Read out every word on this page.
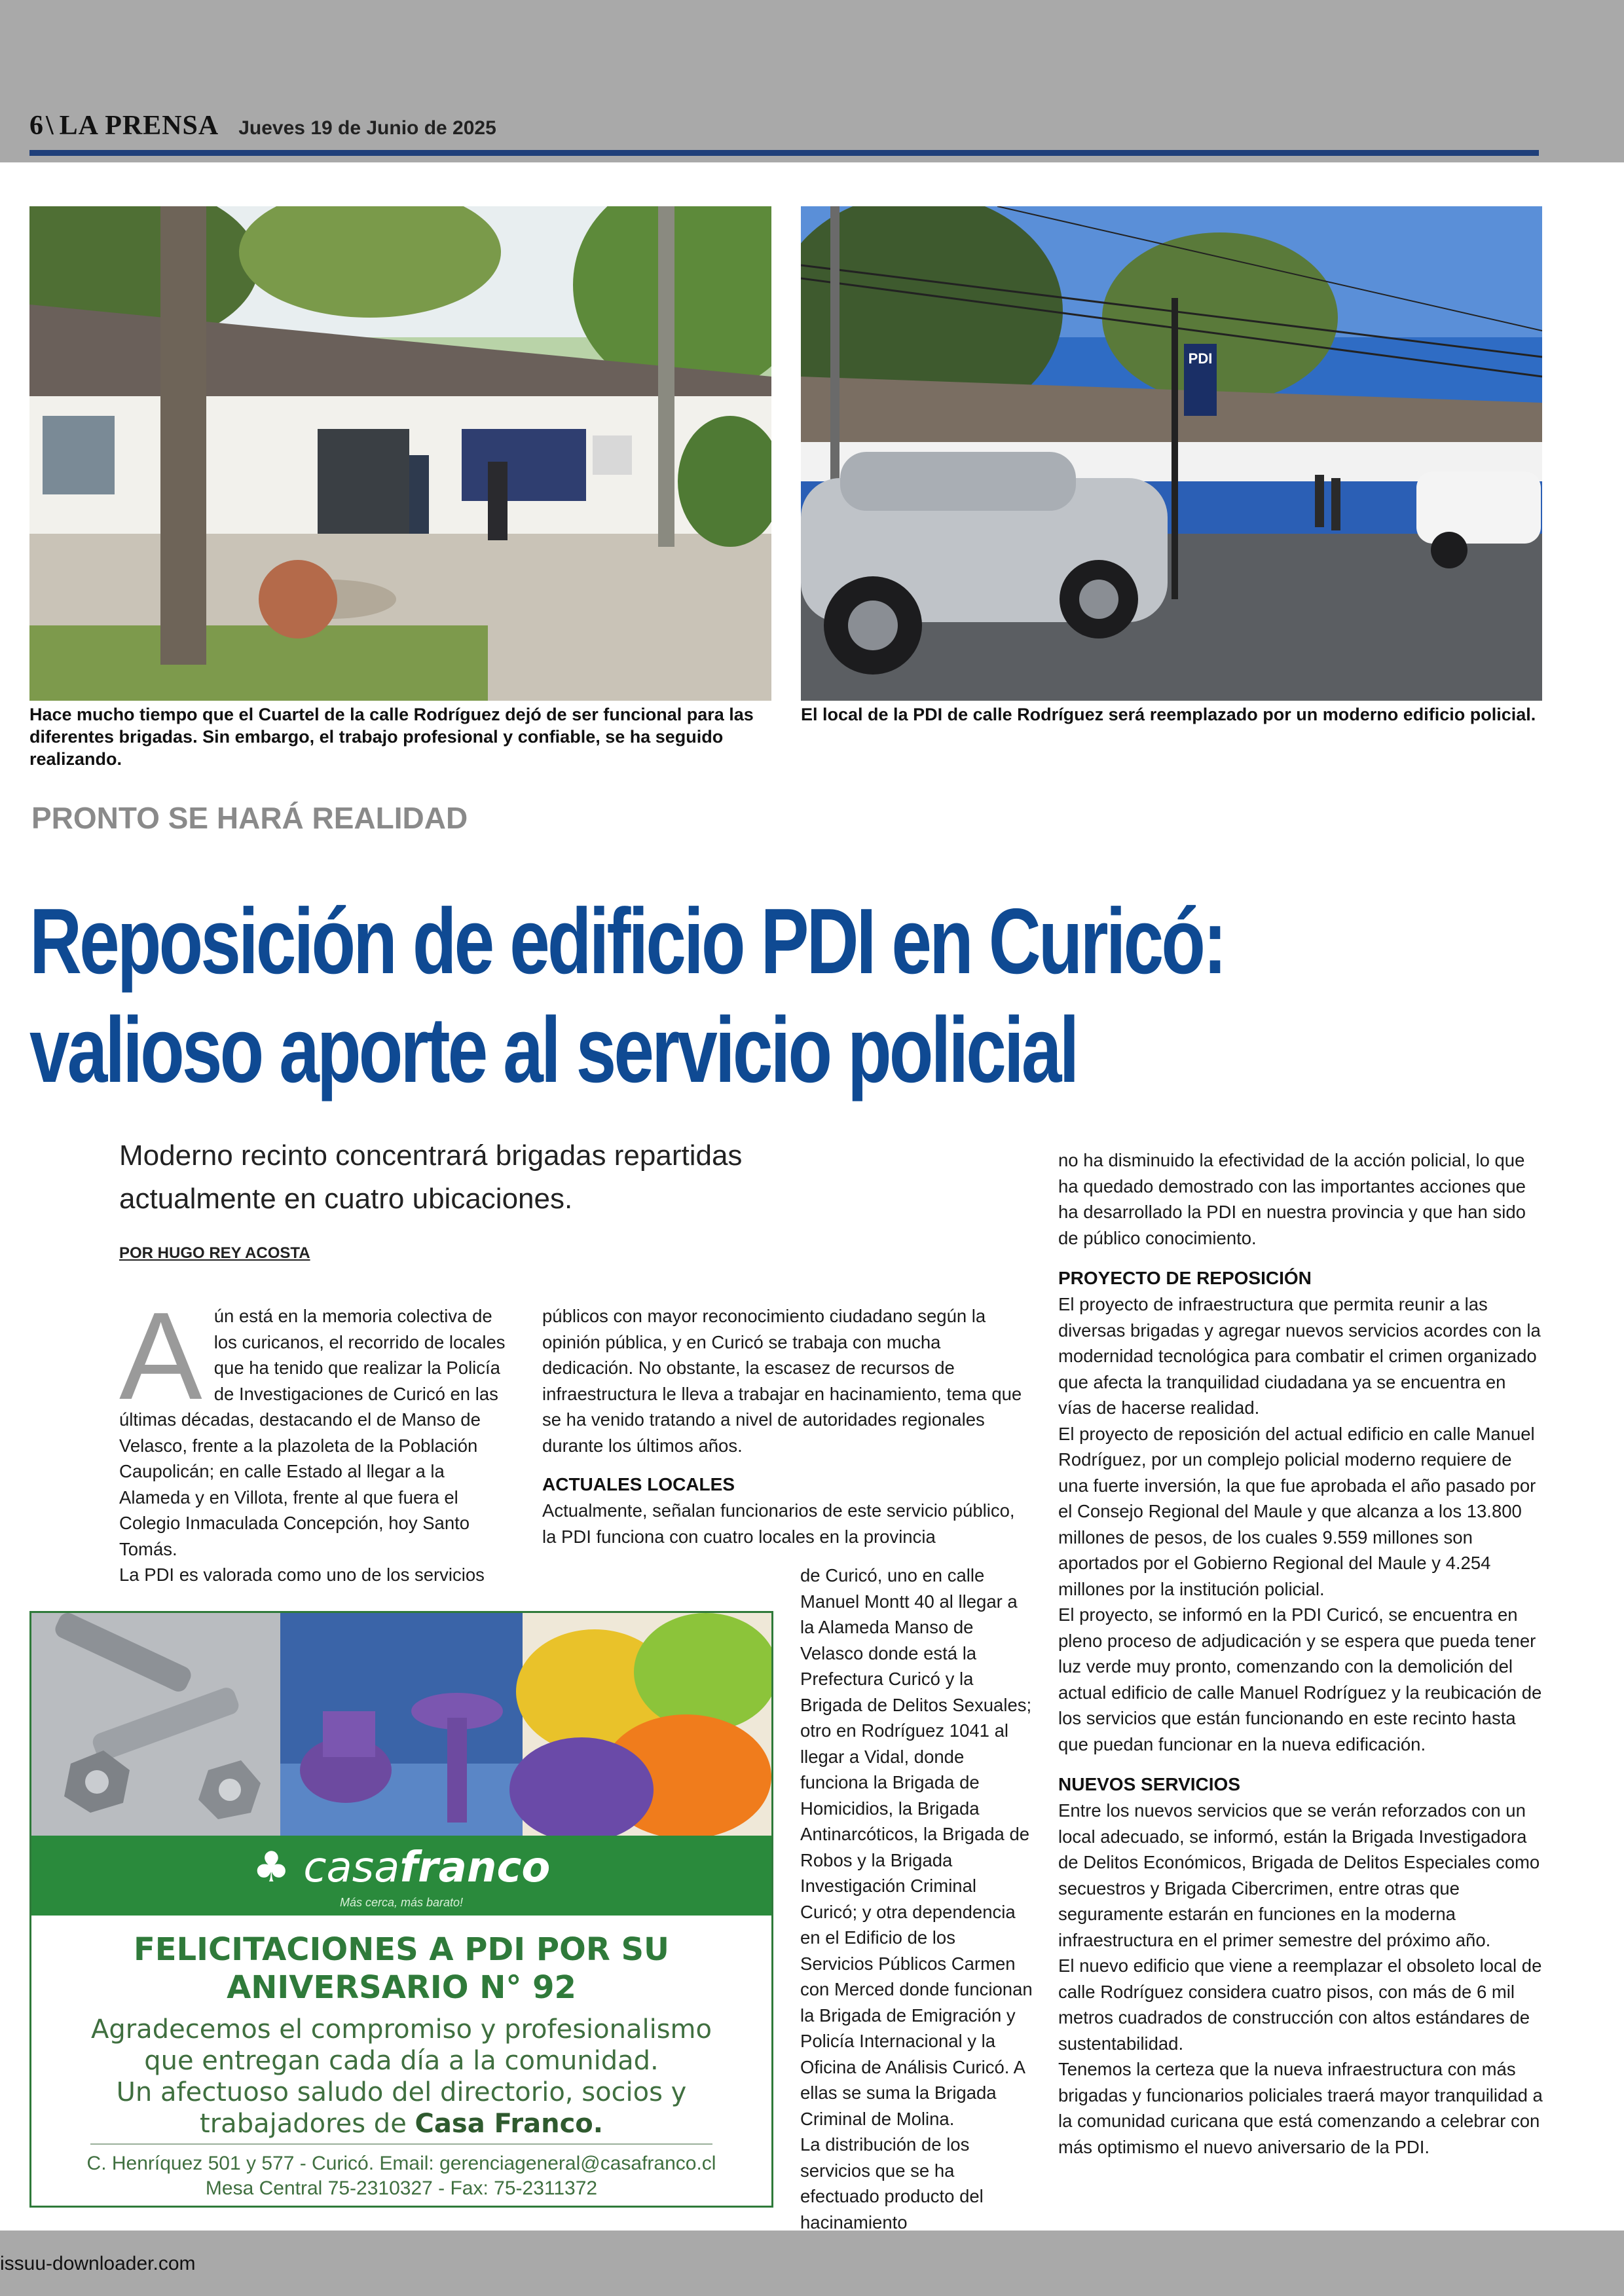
6 \ LA PRENSA Jueves 19 de Junio de 2025
Hace mucho tiempo que el Cuartel de la calle Rodríguez dejó de ser funcional para las diferentes brigadas. Sin embargo, el trabajo profesional y confiable, se ha seguido realizando.
PDI
El local de la PDI de calle Rodríguez será reemplazado por un moderno edificio policial.
PRONTO SE HARÁ REALIDAD
Reposición de edificio PDI en Curicó:
valioso aporte al servicio policial
Moderno recinto concentrará brigadas repartidas
actualmente en cuatro ubicaciones.
POR HUGO REY ACOSTA
A ún está en la memoria colectiva de los curicanos, el recorrido de locales que ha tenido que realizar la Policía de Investigaciones de Curicó en las últimas décadas, destacando el de Manso de Velasco, frente a la plazoleta de la Población Caupolicán; en calle Estado al llegar a la Alameda y en Villota, frente al que fuera el Colegio Inmaculada Concepción, hoy Santo Tomás.

La PDI es valorada como uno de los servicios

públicos con mayor reconocimiento ciudadano según la opinión pública, y en Curicó se trabaja con mucha dedicación. No obstante, la escasez de recursos de infraestructura le lleva a trabajar en hacinamiento, tema que se ha venido tratando a nivel de autoridades regionales durante los últimos años.

ACTUALES LOCALES

Actualmente, señalan funcionarios de este servicio público, la PDI funciona con cuatro locales en la provincia

de Curicó, uno en calle Manuel Montt 40 al llegar a la Alameda Manso de Velasco donde está la Prefectura Curicó y la Brigada de Delitos Sexuales; otro en Rodríguez 1041 al llegar a Vidal, donde funciona la Brigada de Homicidios, la Brigada Antinarcóticos, la Brigada de Robos y la Brigada Investigación Criminal Curicó; y otra dependencia en el Edificio de los Servicios Públicos Carmen con Merced donde funcionan la Brigada de Emigración y Policía Internacional y la Oficina de Análisis Curicó. A ellas se suma la Brigada Criminal de Molina.

La distribución de los servicios que se ha efectuado producto del hacinamiento

no ha disminuido la efectividad de la acción policial, lo que ha quedado demostrado con las importantes acciones que ha desarrollado la PDI en nuestra provincia y que han sido de público conocimiento.

PROYECTO DE REPOSICIÓN

El proyecto de infraestructura que permita reunir a las diversas brigadas y agregar nuevos servicios acordes con la modernidad tecnológica para combatir el crimen organizado que afecta la tranquilidad ciudadana ya se encuentra en vías de hacerse realidad.

El proyecto de reposición del actual edificio en calle Manuel Rodríguez, por un complejo policial moderno requiere de una fuerte inversión, la que fue aprobada el año pasado por el Consejo Regional del Maule y que alcanza a los 13.800 millones de pesos, de los cuales 9.559 millones son aportados por el Gobierno Regional del Maule y 4.254 millones por la institución policial.

El proyecto, se informó en la PDI Curicó, se encuentra en pleno proceso de adjudicación y se espera que pueda tener luz verde muy pronto, comenzando con la demolición del actual edificio de calle Manuel Rodríguez y la reubicación de los servicios que están funcionando en este recinto hasta que puedan funcionar en la nueva edificación.

NUEVOS SERVICIOS

Entre los nuevos servicios que se verán reforzados con un local adecuado, se informó, están la Brigada Investigadora de Delitos Económicos, Brigada de Delitos Especiales como secuestros y Brigada Cibercrimen, entre otras que seguramente estarán en funciones en la moderna infraestructura en el primer semestre del próximo año.

El nuevo edificio que viene a reemplazar el obsoleto local de calle Rodríguez considera cuatro pisos, con más de 6 mil metros cuadrados de construcción con altos estándares de sustentabilidad.

Tenemos la certeza que la nueva infraestructura con más brigadas y funcionarios policiales traerá mayor tranquilidad a la comunidad curicana que está comenzando a celebrar con más optimismo el nuevo aniversario de la PDI.

♣ casafranco
Más cerca, más barato!
FELICITACIONES A PDI POR SU
ANIVERSARIO N° 92
Agradecemos el compromiso y profesionalismo
que entregan cada día a la comunidad.
Un afectuoso saludo del directorio, socios y
trabajadores de Casa Franco.
C. Henríquez 501 y 577 - Curicó. Email: gerenciageneral@casafranco.cl
Mesa Central 75-2310327 - Fax: 75-2311372
issuu-downloader.com
